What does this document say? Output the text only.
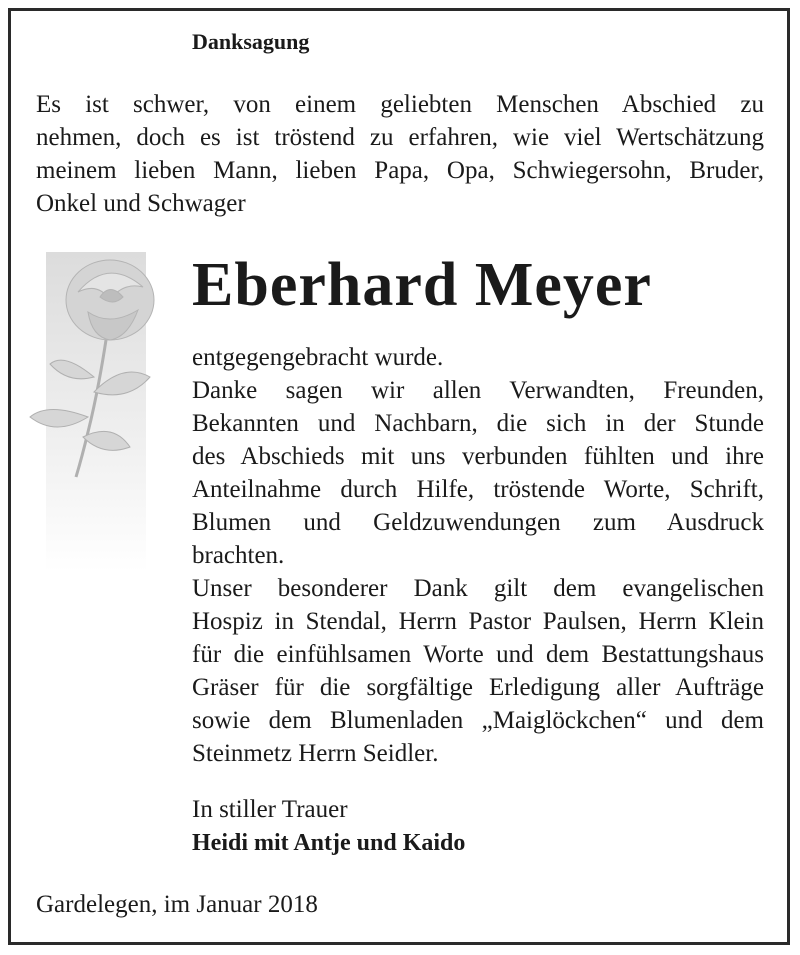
Danksagung
Es ist schwer, von einem geliebten Menschen Abschied zu
nehmen, doch es ist tröstend zu erfahren, wie viel Wertschätzung
meinem lieben Mann, lieben Papa, Opa, Schwiegersohn, Bruder,
Onkel und Schwager
Eberhard Meyer
entgegengebracht wurde.
Danke sagen wir allen Verwandten, Freunden,
Bekannten und Nachbarn, die sich in der Stunde
des Abschieds mit uns verbunden fühlten und ihre
Anteilnahme durch Hilfe, tröstende Worte, Schrift,
Blumen und Geldzuwendungen zum Ausdruck
brachten.
Unser besonderer Dank gilt dem evangelischen
Hospiz in Stendal, Herrn Pastor Paulsen, Herrn Klein
für die einfühlsamen Worte und dem Bestattungshaus
Gräser für die sorgfältige Erledigung aller Aufträge
sowie dem Blumenladen „Maiglöckchen“ und dem
Steinmetz Herrn Seidler.
In stiller Trauer
Heidi mit Antje und Kaido
Gardelegen, im Januar 2018
